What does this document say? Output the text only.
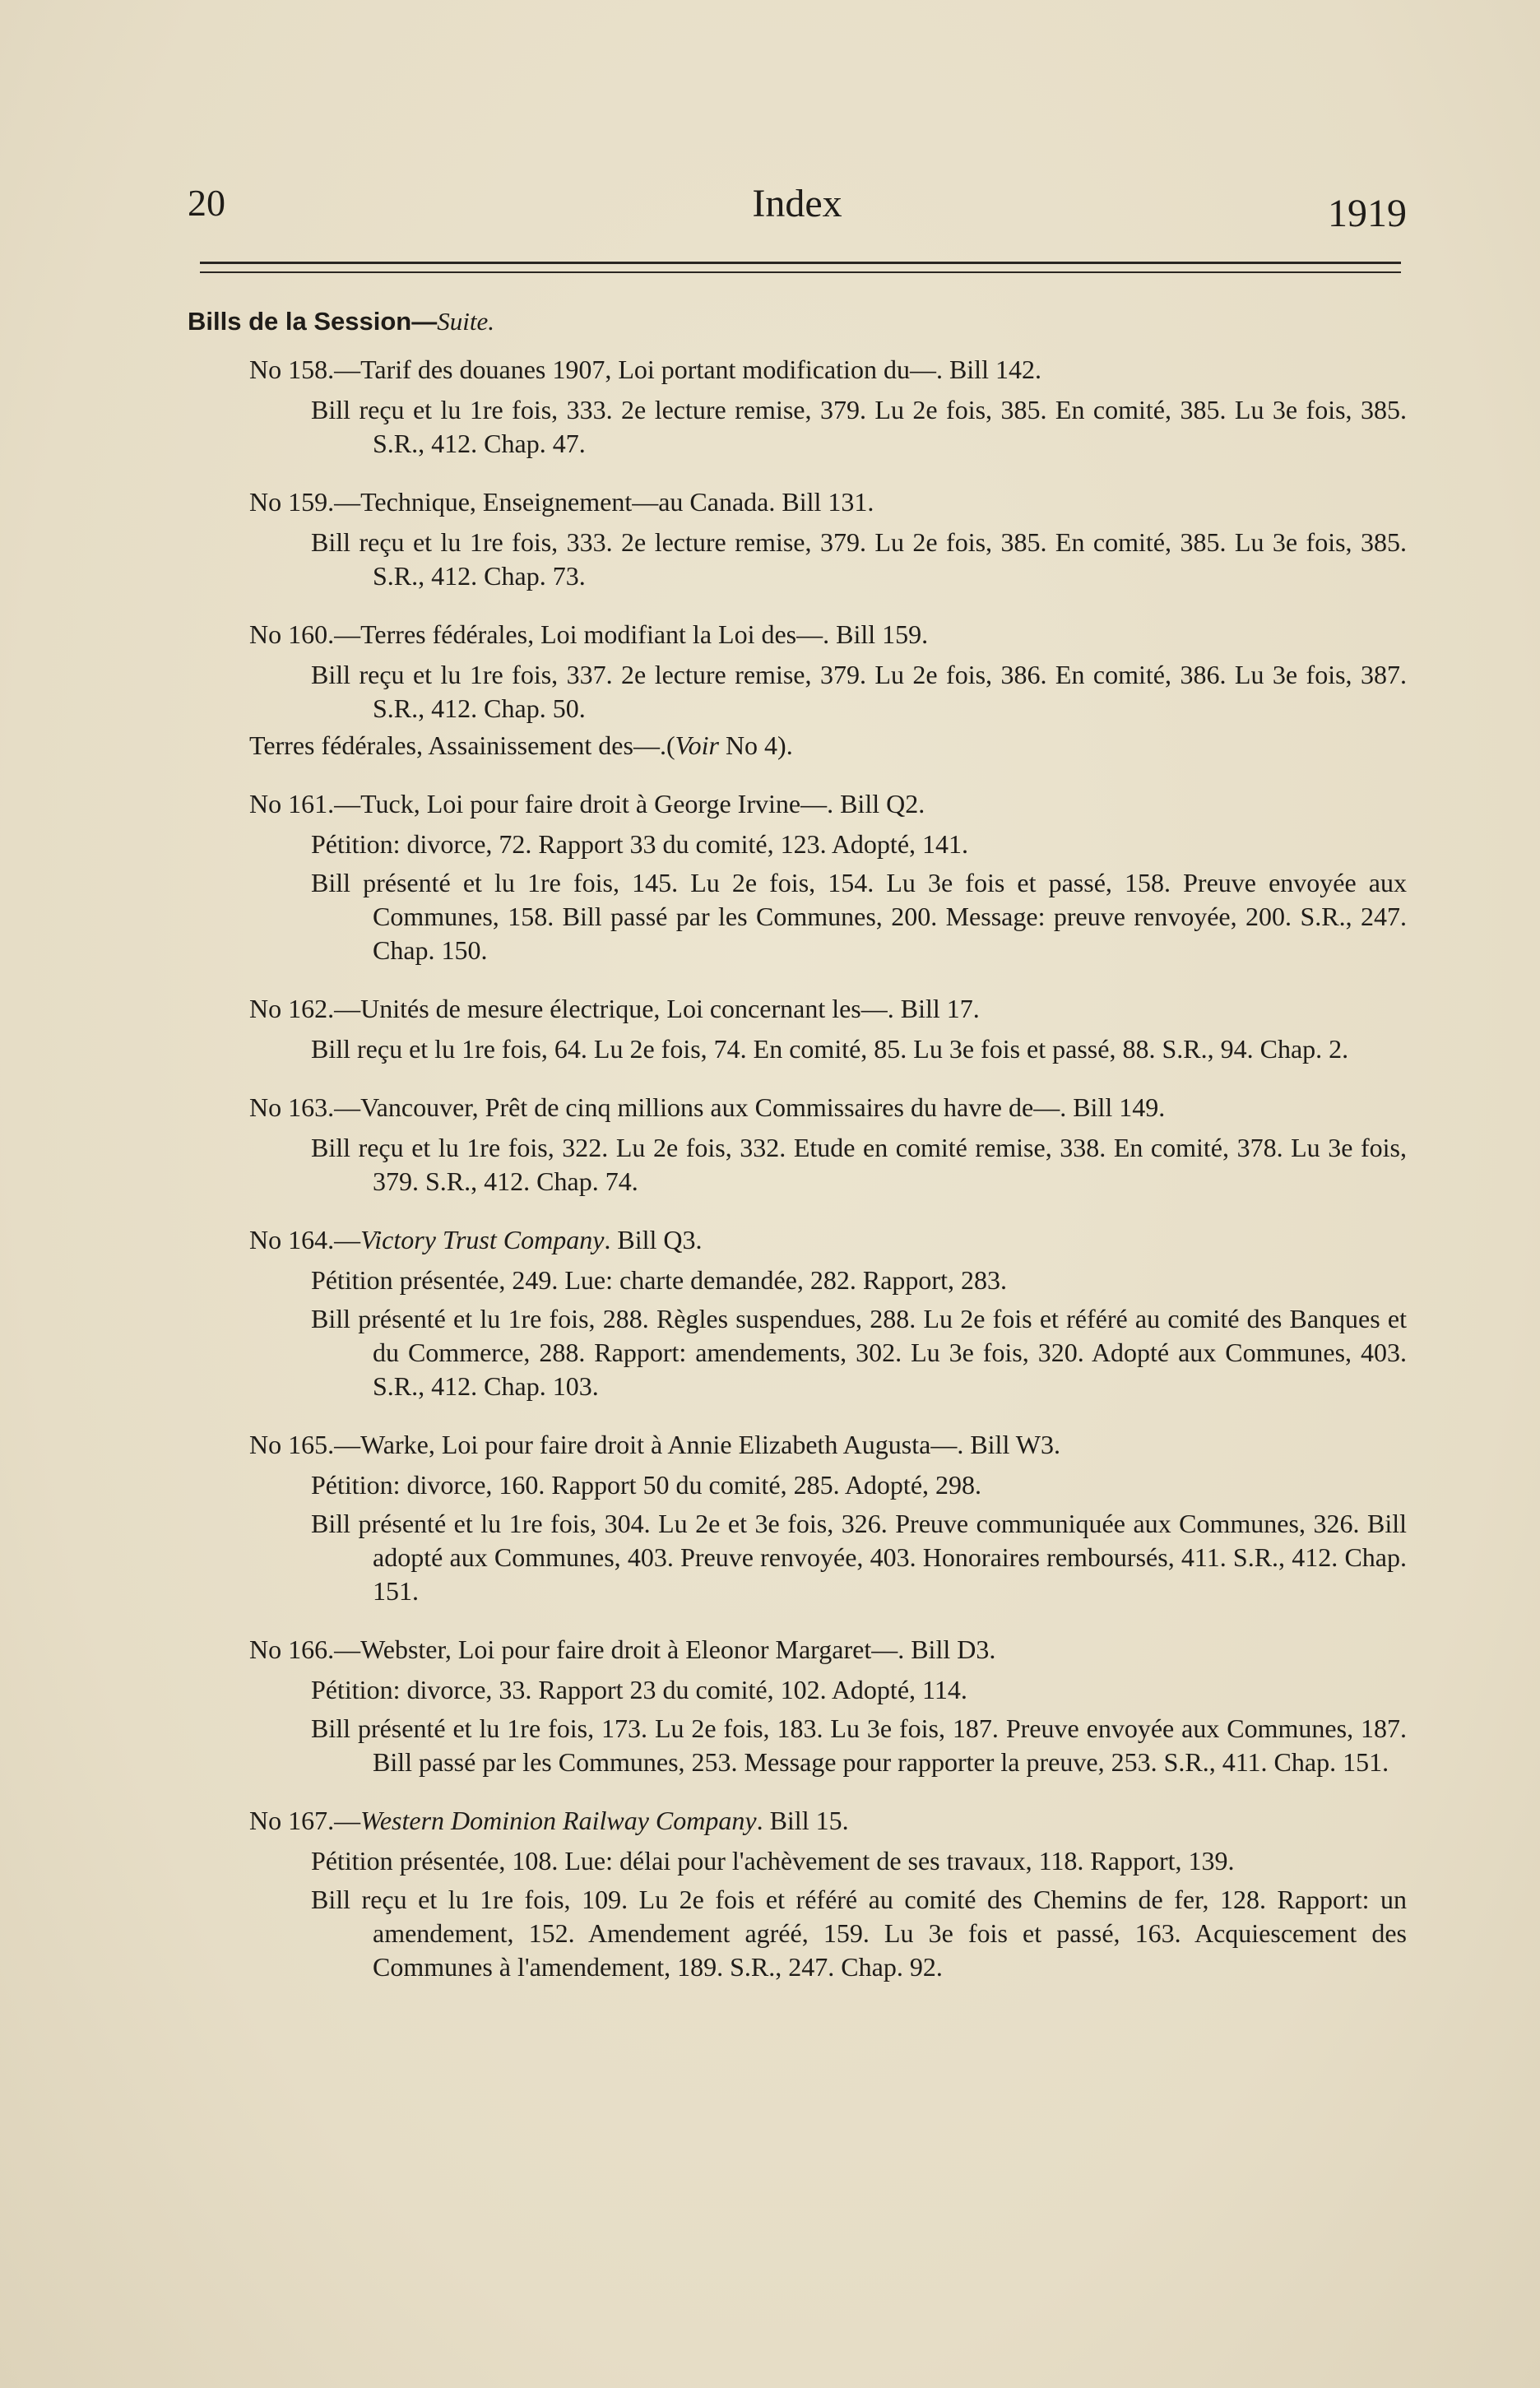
20	Index	1919
Bills de la Session—Suite.
No 158.—Tarif des douanes 1907, Loi portant modification du—. Bill 142.
Bill reçu et lu 1re fois, 333. 2e lecture remise, 379. Lu 2e fois, 385. En comité, 385. Lu 3e fois, 385. S.R., 412. Chap. 47.
No 159.—Technique, Enseignement—au Canada. Bill 131.
Bill reçu et lu 1re fois, 333. 2e lecture remise, 379. Lu 2e fois, 385. En comité, 385. Lu 3e fois, 385. S.R., 412. Chap. 73.
No 160.—Terres fédérales, Loi modifiant la Loi des—. Bill 159.
Bill reçu et lu 1re fois, 337. 2e lecture remise, 379. Lu 2e fois, 386. En comité, 386. Lu 3e fois, 387. S.R., 412. Chap. 50.
Terres fédérales, Assainissement des—.(Voir No 4).
No 161.—Tuck, Loi pour faire droit à George Irvine—. Bill Q2.
Pétition: divorce, 72. Rapport 33 du comité, 123. Adopté, 141.
Bill présenté et lu 1re fois, 145. Lu 2e fois, 154. Lu 3e fois et passé, 158. Preuve envoyée aux Communes, 158. Bill passé par les Communes, 200. Message: preuve renvoyée, 200. S.R., 247. Chap. 150.
No 162.—Unités de mesure électrique, Loi concernant les—. Bill 17.
Bill reçu et lu 1re fois, 64. Lu 2e fois, 74. En comité, 85. Lu 3e fois et passé, 88. S.R., 94. Chap. 2.
No 163.—Vancouver, Prêt de cinq millions aux Commissaires du havre de—. Bill 149.
Bill reçu et lu 1re fois, 322. Lu 2e fois, 332. Etude en comité remise, 338. En comité, 378. Lu 3e fois, 379. S.R., 412. Chap. 74.
No 164.—Victory Trust Company. Bill Q3.
Pétition présentée, 249. Lue: charte demandée, 282. Rapport, 283.
Bill présenté et lu 1re fois, 288. Règles suspendues, 288. Lu 2e fois et référé au comité des Banques et du Commerce, 288. Rapport: amendements, 302. Lu 3e fois, 320. Adopté aux Communes, 403. S.R., 412. Chap. 103.
No 165.—Warke, Loi pour faire droit à Annie Elizabeth Augusta—. Bill W3.
Pétition: divorce, 160. Rapport 50 du comité, 285. Adopté, 298.
Bill présenté et lu 1re fois, 304. Lu 2e et 3e fois, 326. Preuve communiquée aux Communes, 326. Bill adopté aux Communes, 403. Preuve renvoyée, 403. Honoraires remboursés, 411. S.R., 412. Chap. 151.
No 166.—Webster, Loi pour faire droit à Eleonor Margaret—. Bill D3.
Pétition: divorce, 33. Rapport 23 du comité, 102. Adopté, 114.
Bill présenté et lu 1re fois, 173. Lu 2e fois, 183. Lu 3e fois, 187. Preuve envoyée aux Communes, 187. Bill passé par les Communes, 253. Message pour rapporter la preuve, 253. S.R., 411. Chap. 151.
No 167.—Western Dominion Railway Company. Bill 15.
Pétition présentée, 108. Lue: délai pour l'achèvement de ses travaux, 118. Rapport, 139.
Bill reçu et lu 1re fois, 109. Lu 2e fois et référé au comité des Chemins de fer, 128. Rapport: un amendement, 152. Amendement agréé, 159. Lu 3e fois et passé, 163. Acquiescement des Communes à l'amendement, 189. S.R., 247. Chap. 92.
